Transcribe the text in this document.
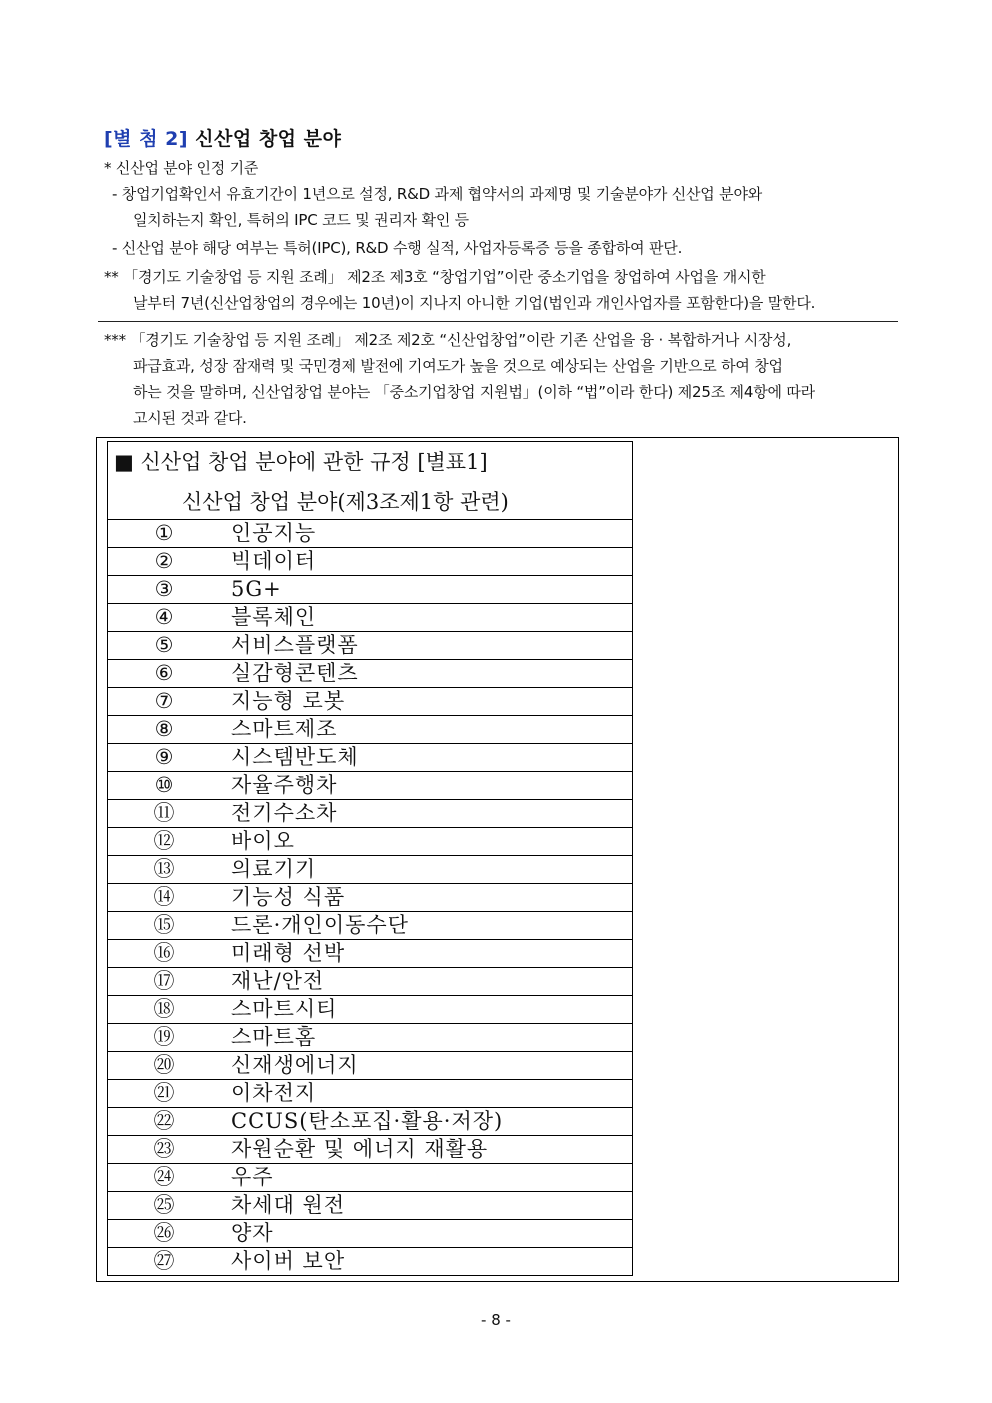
[별 첨 2] 신산업 창업 분야
* 신산업 분야 인정 기준
- 창업기업확인서 유효기간이 1년으로 설정, R&D 과제 협약서의 과제명 및 기술분야가 신산업 분야와
일치하는지 확인, 특허의 IPC 코드 및 권리자 확인 등
- 신산업 분야 해당 여부는 특허(IPC), R&D 수행 실적, 사업자등록증 등을 종합하여 판단.
** 「경기도 기술창업 등 지원 조례」 제2조 제3호 “창업기업”이란 중소기업을 창업하여 사업을 개시한
날부터 7년(신산업창업의 경우에는 10년)이 지나지 아니한 기업(법인과 개인사업자를 포함한다)을 말한다.
*** 「경기도 기술창업 등 지원 조례」 제2조 제2호 “신산업창업”이란 기존 산업을 융 · 복합하거나 시장성,
파급효과, 성장 잠재력 및 국민경제 발전에 기여도가 높을 것으로 예상되는 산업을 기반으로 하여 창업
하는 것을 말하며, 신산업창업 분야는 「중소기업창업 지원법」(이하 “법”이라 한다) 제25조 제4항에 따라
고시된 것과 같다.
■ 신산업 창업 분야에 관한 규정 [별표1]
신산업 창업 분야(제3조제1항 관련)
①	인공지능
②	빅데이터
③	5G+
④	블록체인
⑤	서비스플랫폼
⑥	실감형콘텐츠
⑦	지능형 로봇
⑧	스마트제조
⑨	시스템반도체
⑩	자율주행차
⑪	전기수소차
⑫	바이오
⑬	의료기기
⑭	기능성 식품
⑮	드론·개인이동수단
⑯	미래형 선박
⑰	재난/안전
⑱	스마트시티
⑲	스마트홈
⑳	신재생에너지
㉑	이차전지
㉒	CCUS(탄소포집·활용·저장)
㉓	자원순환 및 에너지 재활용
㉔	우주
㉕	차세대 원전
㉖	양자
㉗	사이버 보안
- 8 -
